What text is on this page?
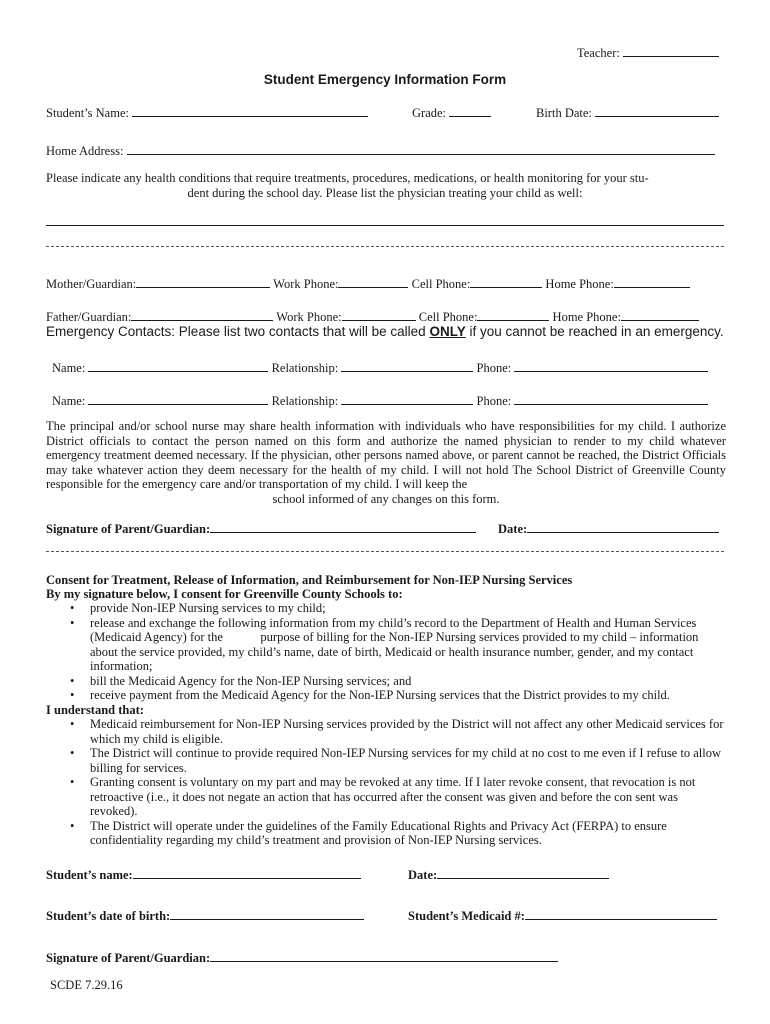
Teacher:
Student Emergency Information Form
Student’s Name:	Grade:	Birth Date:
Home Address:
Please indicate any health conditions that require treatments, procedures, medications, or health monitoring for your stu-
dent during the school day. Please list the physician treating your child as well:
Mother/Guardian:	Work Phone:	Cell Phone:	Home Phone:
Father/Guardian:	Work Phone:	Cell Phone:	Home Phone:
Emergency Contacts: Please list two contacts that will be called ONLY if you cannot be reached in an emergency.
Name:	Relationship:	Phone:
Name:	Relationship:	Phone:
The principal and/or school nurse may share health information with individuals who have responsibilities for my child. I authorize District officials to contact the person named on this form and authorize the named physician to render to my child whatever emergency treatment deemed necessary. If the physician, other persons named above, or parent cannot be reached, the District Officials may take whatever action they deem necessary for the health of my child. I will not hold The School District of Greenville County responsible for the emergency care and/or transportation of my child. I will keep the
school informed of any changes on this form.
Signature of Parent/Guardian:	Date:
Consent for Treatment, Release of Information, and Reimbursement for Non-IEP Nursing Services
By my signature below, I consent for Greenville County Schools to:
• provide Non-IEP Nursing services to my child;
• release and exchange the following information from my child’s record to the Department of Health and Human Services (Medicaid Agency) for the            purpose of billing for the Non-IEP Nursing services provided to my child – information about the service provided, my child’s name, date of birth, Medicaid or health insurance number, gender, and my contact information;
• bill the Medicaid Agency for the Non-IEP Nursing services; and
• receive payment from the Medicaid Agency for the Non-IEP Nursing services that the District provides to my child.
I understand that:
• Medicaid reimbursement for Non-IEP Nursing services provided by the District will not affect any other Medicaid services for which my child is eligible.
• The District will continue to provide required Non-IEP Nursing services for my child at no cost to me even if I refuse to allow billing for services.
• Granting consent is voluntary on my part and may be revoked at any time. If I later revoke consent, that revocation is not retroactive (i.e., it does not negate an action that has occurred after the consent was given and before the con sent was revoked).
• The District will operate under the guidelines of the Family Educational Rights and Privacy Act (FERPA) to ensure confidentiality regarding my child’s treatment and provision of Non-IEP Nursing services.
Student’s name:	Date:
Student’s date of birth:	Student’s Medicaid #:
Signature of Parent/Guardian:
SCDE 7.29.16
